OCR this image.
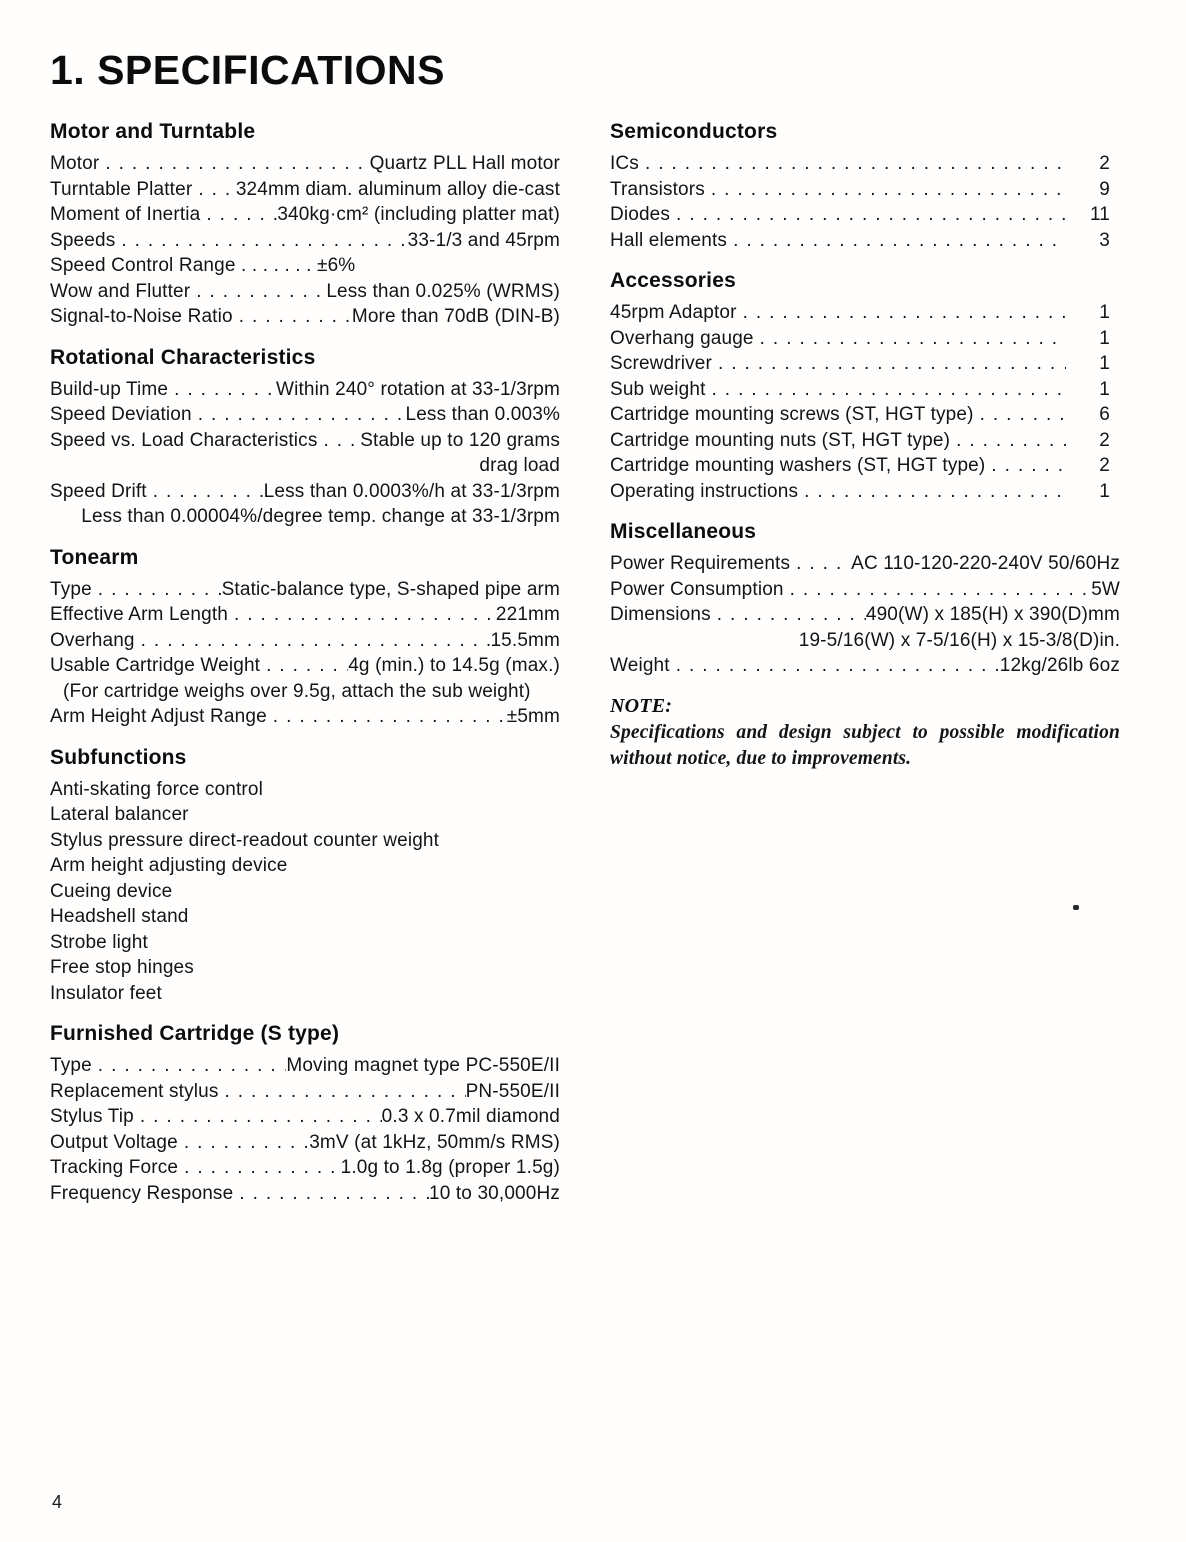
1. SPECIFICATIONS
Motor and Turntable
Motor .....	Quartz PLL Hall motor
Turntable Platter ..... 324mm diam. aluminum alloy die-cast
Moment of Inertia .....	340kg·cm² (including platter mat)
Speeds .....	33-1/3 and 45rpm
Speed Control Range . . . . . . . ±6%
Wow and Flutter .....	Less than 0.025% (WRMS)
Signal-to-Noise Ratio .....	More than 70dB (DIN-B)
Rotational Characteristics
Build-up Time .....	Within 240° rotation at 33-1/3rpm
Speed Deviation .....	Less than 0.003%
Speed vs. Load Characteristics ..... Stable up to 120 grams
drag load
Speed Drift .....	Less than 0.0003%/h at 33-1/3rpm
Less than 0.00004%/degree temp. change at 33-1/3rpm
Tonearm
Type .....	Static-balance type, S-shaped pipe arm
Effective Arm Length .....	221mm
Overhang .....	15.5mm
Usable Cartridge Weight .....	4g (min.) to 14.5g (max.)
(For cartridge weighs over 9.5g, attach the sub weight)
Arm Height Adjust Range .....	±5mm
Subfunctions
Anti-skating force control
Lateral balancer
Stylus pressure direct-readout counter weight
Arm height adjusting device
Cueing device
Headshell stand
Strobe light
Free stop hinges
Insulator feet
Furnished Cartridge (S type)
Type .....	Moving magnet type PC-550E/II
Replacement stylus .....	PN-550E/II
Stylus Tip .....	0.3 x 0.7mil diamond
Output Voltage .....	3mV (at 1kHz, 50mm/s RMS)
Tracking Force .....	1.0g to 1.8g (proper 1.5g)
Frequency Response .....	10 to 30,000Hz
Semiconductors
ICs .....	2
Transistors .....	9
Diodes .....	11
Hall elements .....	3
Accessories
45rpm Adaptor .....	1
Overhang gauge .....	1
Screwdriver .....	1
Sub weight .....	1
Cartridge mounting screws (ST, HGT type) .....	6
Cartridge mounting nuts (ST, HGT type) .....	2
Cartridge mounting washers (ST, HGT type) .....	2
Operating instructions .....	1
Miscellaneous
Power Requirements .....	AC 110-120-220-240V 50/60Hz
Power Consumption .....	5W
Dimensions .....	490(W) x 185(H) x 390(D)mm
19-5/16(W) x 7-5/16(H) x 15-3/8(D)in.
Weight .....	12kg/26lb 6oz
NOTE:
Specifications and design subject to possible modification without notice, due to improvements.
4
